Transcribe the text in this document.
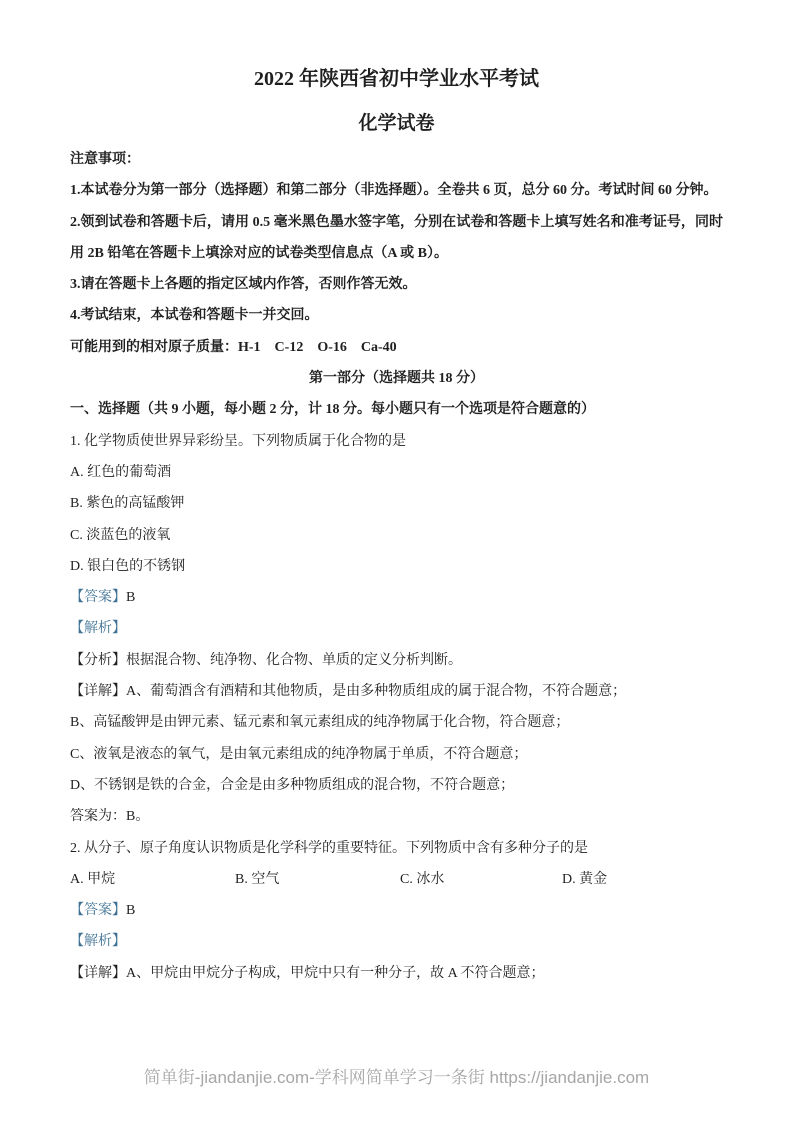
2022 年陕西省初中学业水平考试
化学试卷

注意事项：

1.本试卷分为第一部分（选择题）和第二部分（非选择题）。全卷共 6 页，总分 60 分。考试时间 60 分钟。

2.领到试卷和答题卡后，请用 0.5 毫米黑色墨水签字笔，分别在试卷和答题卡上填写姓名和准考证号，同时用 2B 铅笔在答题卡上填涂对应的试卷类型信息点（A 或 B）。

3.请在答题卡上各题的指定区域内作答，否则作答无效。

4.考试结束，本试卷和答题卡一并交回。

可能用到的相对原子质量：H-1    C-12    O-16    Ca-40

第一部分（选择题共 18 分）

一、选择题（共 9 小题，每小题 2 分，计 18 分。每小题只有一个选项是符合题意的）

1. 化学物质使世界异彩纷呈。下列物质属于化合物的是

A. 红色的葡萄酒

B. 紫色的高锰酸钾

C. 淡蓝色的液氧

D. 银白色的不锈钢

【答案】B

【解析】

【分析】根据混合物、纯净物、化合物、单质的定义分析判断。

【详解】A、葡萄酒含有酒精和其他物质，是由多种物质组成的属于混合物，不符合题意；

B、高锰酸钾是由钾元素、锰元素和氧元素组成的纯净物属于化合物，符合题意；

C、液氧是液态的氧气，是由氧元素组成的纯净物属于单质，不符合题意；

D、不锈钢是铁的合金，合金是由多种物质组成的混合物，不符合题意；

答案为：B。

2. 从分子、原子角度认识物质是化学科学的重要特征。下列物质中含有多种分子的是

A. 甲烷	B. 空气	C. 冰水	D. 黄金

【答案】B

【解析】

【详解】A、甲烷由甲烷分子构成，甲烷中只有一种分子，故 A 不符合题意；

简单街-jiandanjie.com-学科网简单学习一条街 https://jiandanjie.com
